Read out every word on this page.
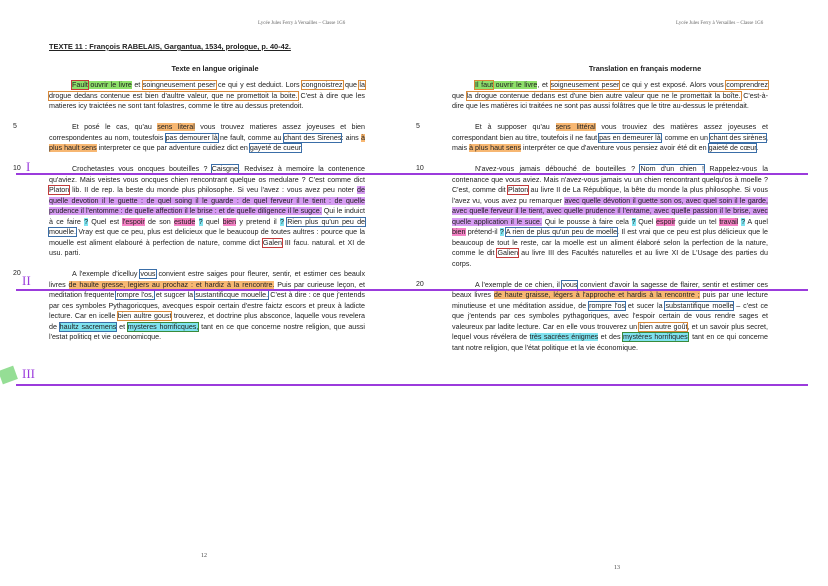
Lycée Jules Ferry à Versailles – Classe 1G6	Lycée Jules Ferry à Versailles – Classe 1G6
TEXTE 11 : François RABELAIS, Gargantua, 1534, prologue, p. 40-42.
Texte en langue originale	Translation en français moderne
Fault ouvrir le livre et soingneusement peser ce qui y est deduict. Lors congnoistrez que la drogue dedans contenue est bien d'aultre valeur, que ne promettoit la boite. C'est à dire que les matieres icy traictées ne sont tant folastres, comme le titre au dessus pretendoit.
5	Et posé le cas, qu'au sens literal vous trouvez matieres assez joyeuses et bien correspondentes au nom, toutesfois pas demourer là ne fault, comme au chant des Sirenes: ains à plus hault sens interpreter ce que par adventure cuidiez dict en gayeté de cueur.
10	Crochetastes vous oncques bouteilles ? Caisgne. Redvisez à memoire la contenence qu'aviez. Mais veistes vous oncques chien rencontrant quelque os medulare ? C'est comme dict Platon lib. II de rep. la beste du monde plus philosophe. Si veu l'avez : vous avez peu noter de quelle devotion il le guette : de quel soing il le guarde : de quel ferveur il le tient : de quelle prudence il l'entomme : de quelle affection il le brise : et de quelle diligence il le sugce. Qui le induict à ce faire ? Quel est l'espoir de son estude ? quel bien y pretend il ? Rien plus qu'un peu de mouelle. Vray est que ce peu, plus est delicieux que le beaucoup de toutes aultres : pource que la mouelle est aliment elabouré à perfection de nature, comme dict Galen III facu. natural. et XI de usu. parti.
20	A l'exemple d'icelluy vous convient estre saiges pour fleurer, sentir, et estimer ces beaulx livres de haulte gresse, legiers au prochaz : et hardiz à la rencontre. Puis par curieuse leçon, et meditation frequente rompre l'os, et sugcer la sustantificque mouelle. C'est à dire : ce que j'entends par ces symboles Pythagoricques, avecques espoir certain d'estre faictz escors et preux à ladicte lecture. Car en icelle bien aultre goust trouverez, et doctrine plus absconce, laquelle vous revelera de haultz sacremens et mysteres horrificques, tant en ce que concerne nostre religion, que aussi l'estat politicq et vie oeconomicque.
Il faut ouvrir le livre, et soigneusement peser ce qui y est exposé. Alors vous comprendrez que la drogue contenue dedans est d'une bien autre valeur que ne le promettait la boîte. C'est-à-dire que les matières ici traitées ne sont pas aussi folâtres que le titre au-dessus le prétendait.
5	Et à supposer qu'au sens littéral vous trouviez des matières assez joyeuses et correspondant bien au titre, toutefois il ne faut pas en demeurer là, comme en un chant des sirènes, mais à plus haut sens interpréter ce que d'aventure vous pensiez avoir été dit en gaieté de cœur.
10	N'avez-vous jamais débouché de bouteilles ? Nom d'un chien ! Rappelez-vous la contenance que vous aviez. Mais n'avez-vous jamais vu un chien rencontrant quelqu'os à moelle ? C'est, comme dit Platon au livre II de La République, la bête du monde la plus philosophe. Si vous l'avez vu, vous avez pu remarquer avec quelle dévotion il guette son os, avec quel soin il le garde, avec quelle ferveur il le tient, avec quelle prudence il l'entame, avec quelle passion il le brise, avec quelle application il le suce. Qui le pousse à faire cela ? Quel espoir guide un tel travail ? A quel bien prétend-il ? A rien de plus qu'un peu de moelle. Il est vrai que ce peu est plus délicieux que le beaucoup de tout le reste, car la moelle est un aliment élaboré selon la perfection de la nature, comme le dit Galien au livre III des Facultés naturelles et au livre XI de L'Usage des parties du corps.
20	A l'exemple de ce chien, il vous convient d'avoir la sagesse de flairer, sentir et estimer ces beaux livres de haute graisse, légers à l'approche et hardis à la rencontre ; puis par une lecture minutieuse et une méditation assidue, de rompre l'os et sucer la substantifique moelle – c'est ce que j'entends par ces symboles pythagoriques, avec l'espoir certain de vous rendre sages et valeureux par ladite lecture. Car en elle vous trouverez un bien autre goût, et un savoir plus secret, lequel vous révélera de très sacrées énigmes et des mystères horrifiques, tant en ce qui concerne tant notre religion, que l'état politique et la vie économique.
I
II
III
12
13
